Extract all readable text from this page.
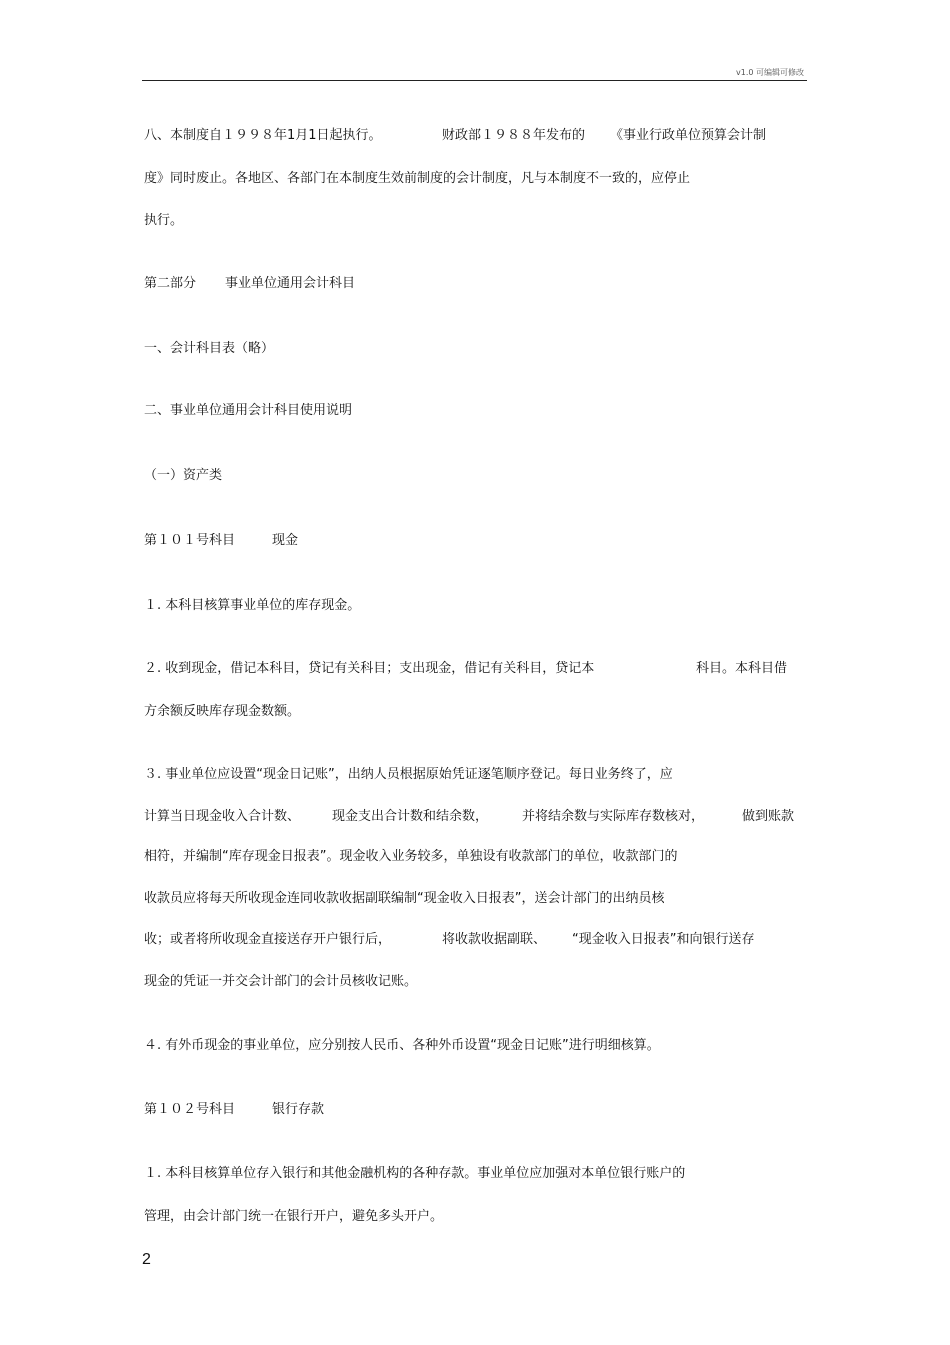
v1.0 可编辑可修改

八、本制度自１９９８年1月1日起执行。

	财政部１９８８年发布的

《事业行政单位预算会计制

度》同时废止。各地区、各部门在本制度生效前制度的会计制度，凡与本制度不一致的，应停止
执行。

第二部分

事业单位通用会计科目

一、会计科目表（略）
二、事业单位通用会计科目使用说明
（一）资产类

第１０１号科目

	现金

１. 本科目核算事业单位的库存现金。

２. 收到现金，借记本科目，贷记有关科目；支出现金，借记有关科目，贷记本

	科目。本科目借

方余额反映库存现金数额。
３. 事业单位应设置“现金日记账”，出纳人员根据原始凭证逐笔顺序登记。每日业务终了，应

计算当日现金收入合计数、

现金支出合计数和结余数，

	并将结余数与实际库存数核对，

	做到账款

相符，并编制“库存现金日报表”。现金收入业务较多，单独设有收款部门的单位，收款部门的
收款员应将每天所收现金连同收款收据副联编制“现金收入日报表”，送会计部门的出纳员核

收；或者将所收现金直接送存开户银行后，

	将收款收据副联、

“现金收入日报表”和向银行送存

现金的凭证一并交会计部门的会计员核收记账。
４. 有外币现金的事业单位，应分别按人民币、各种外币设置“现金日记账”进行明细核算。

第１０２号科目

	银行存款

１. 本科目核算单位存入银行和其他金融机构的各种存款。事业单位应加强对本单位银行账户的
管理，由会计部门统一在银行开户，避免多头开户。
2
